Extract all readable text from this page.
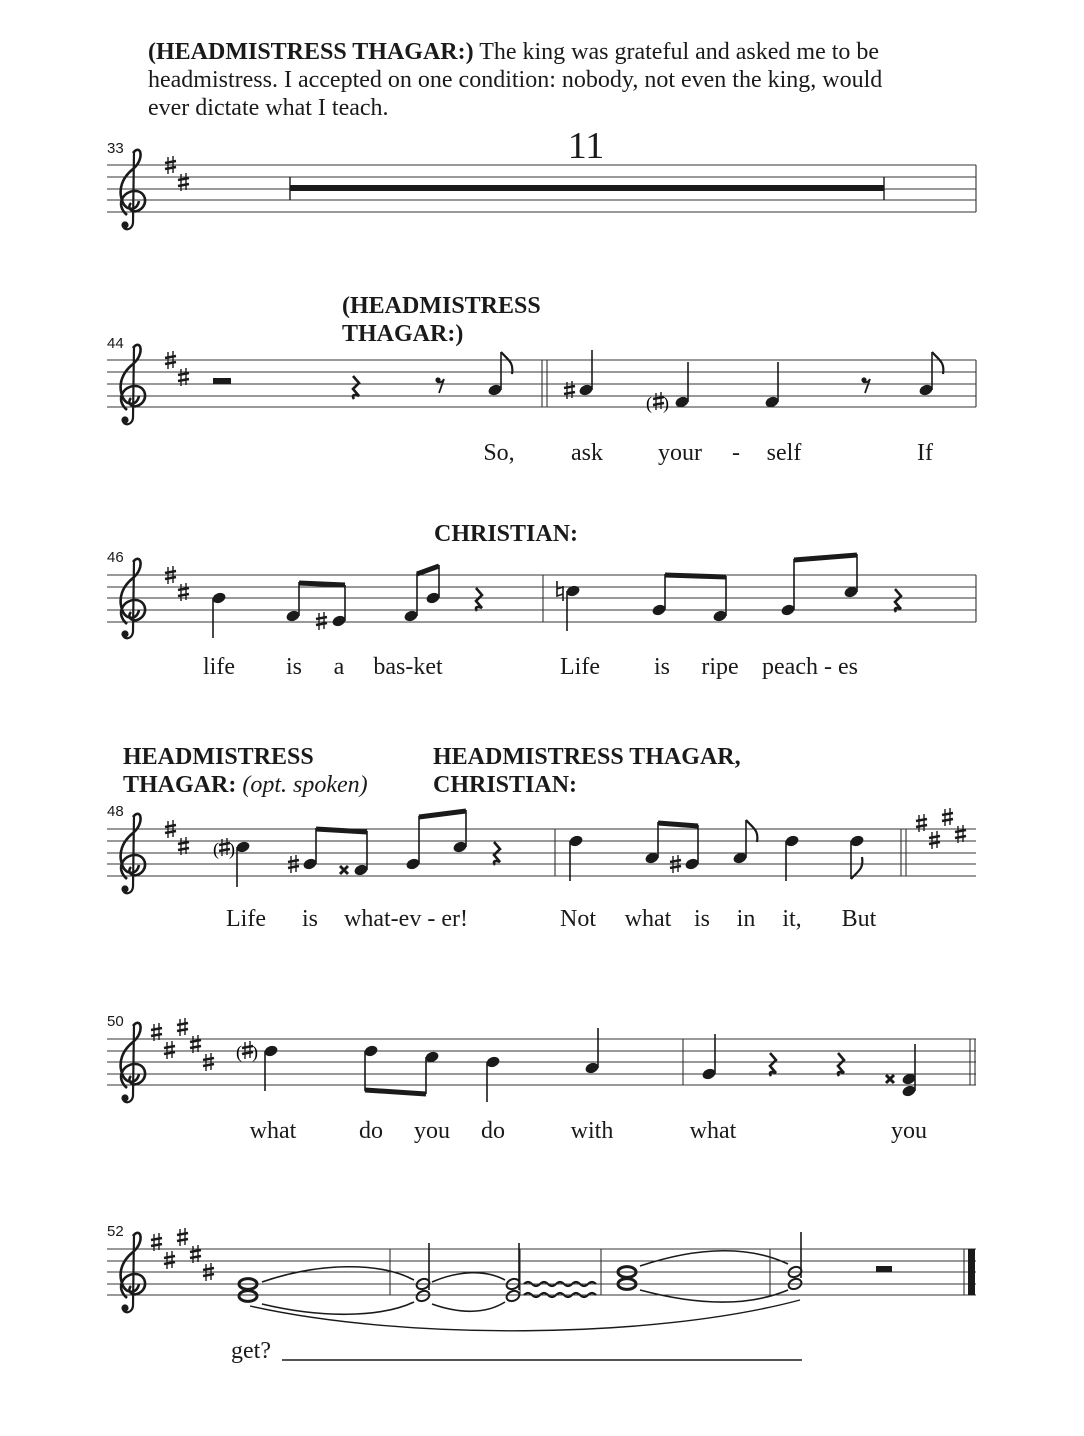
(HEADMISTRESS THAGAR:) The king was grateful and asked me to be headmistress. I accepted on one condition: nobody, not even the king, would ever dictate what I teach.
33
44
46
48
50
52
11
(HEADMISTRESS
THAGAR:)
CHRISTIAN:
HEADMISTRESS
THAGAR: (opt. spoken)
HEADMISTRESS THAGAR,
CHRISTIAN:
So, ask your - self	If
life is a bas-ket	Life is ripe peach - es
Life is what-ev - er!	Not what is in it, But
what	do you do	with	what	you
get?
( )
( )
( )
